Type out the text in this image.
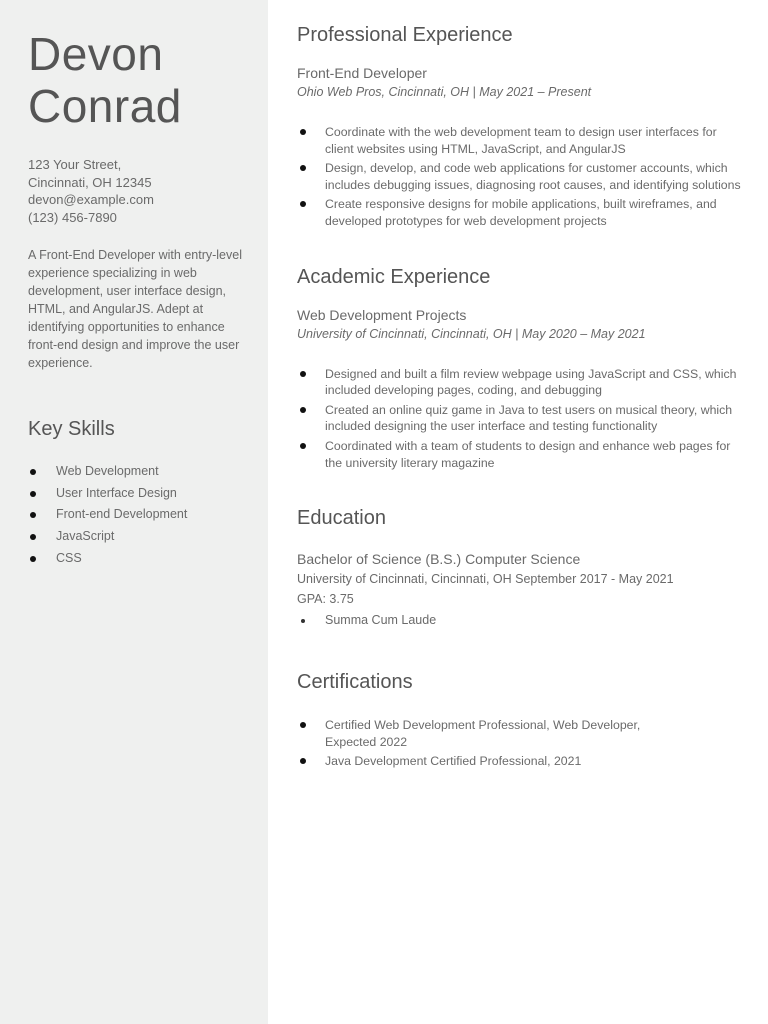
Devon
Conrad
123 Your Street,
Cincinnati, OH 12345
devon@example.com
(123) 456-7890

A Front-End Developer with entry-level experience specializing in web development, user interface design, HTML, and AngularJS. Adept at identifying opportunities to enhance front-end design and improve the user experience.

Key Skills
Web Development
User Interface Design
Front-end Development
JavaScript
CSS
Professional Experience
Front-End Developer
Ohio Web Pros, Cincinnati, OH | May 2021 – Present
Coordinate with the web development team to design user interfaces for client websites using HTML, JavaScript, and AngularJS
Design, develop, and code web applications for customer accounts, which includes debugging issues, diagnosing root causes, and identifying solutions
Create responsive designs for mobile applications, built wireframes, and developed prototypes for web development projects
Academic Experience
Web Development Projects
University of Cincinnati, Cincinnati, OH | May 2020 – May 2021
Designed and built a film review webpage using JavaScript and CSS, which included developing pages, coding, and debugging
Created an online quiz game in Java to test users on musical theory, which included designing the user interface and testing functionality
Coordinated with a team of students to design and enhance web pages for the university literary magazine
Education
Bachelor of Science (B.S.) Computer Science
University of Cincinnati, Cincinnati, OH September 2017 - May 2021
GPA: 3.75
Summa Cum Laude
Certifications
Certified Web Development Professional, Web Developer, Expected 2022
Java Development Certified Professional, 2021
